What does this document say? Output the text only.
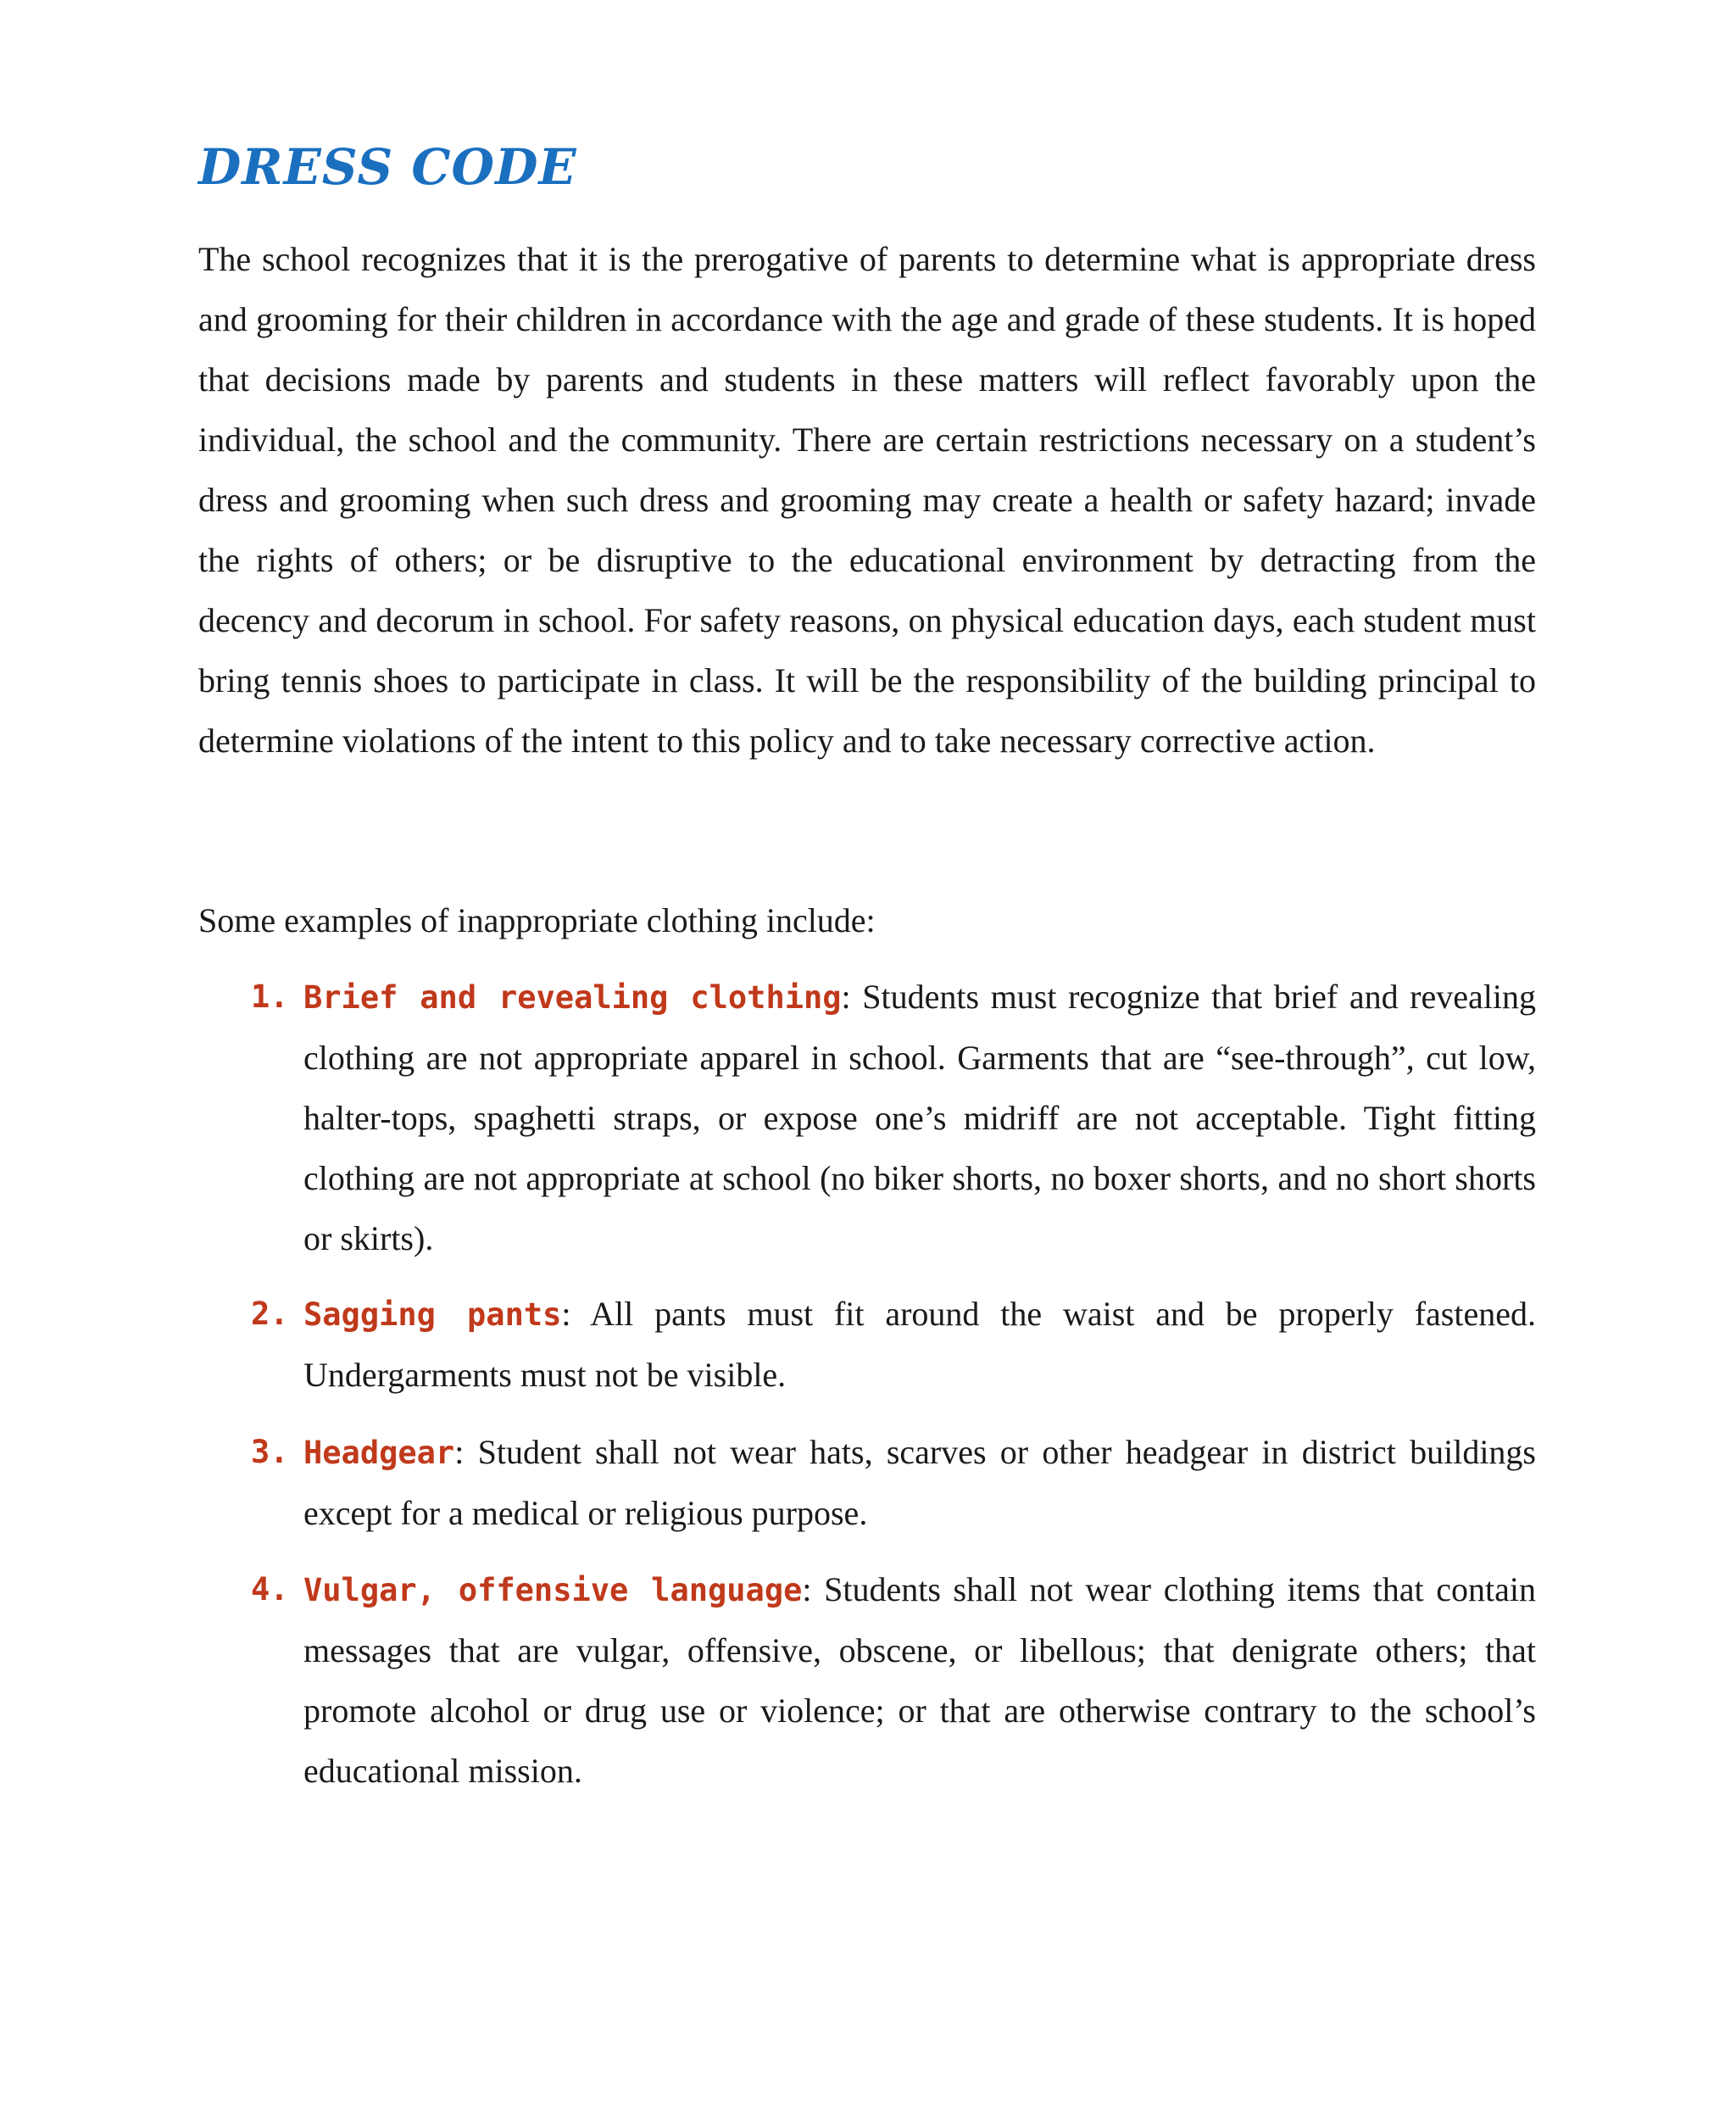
DRESS CODE

The school recognizes that it is the prerogative of parents to determine what is appropriate dress and grooming for their children in accordance with the age and grade of these students. It is hoped that decisions made by parents and students in these matters will reflect favorably upon the individual, the school and the community. There are certain restrictions necessary on a student’s dress and grooming when such dress and grooming may create a health or safety hazard; invade the rights of others; or be disruptive to the educational environment by detracting from the decency and decorum in school. For safety reasons, on physical education days, each student must bring tennis shoes to participate in class. It will be the responsibility of the building principal to determine violations of the intent to this policy and to take necessary corrective action.

Some examples of inappropriate clothing include:

1. Brief and revealing clothing: Students must recognize that brief and revealing clothing are not appropriate apparel in school. Garments that are “see-through”, cut low, halter-tops, spaghetti straps, or expose one’s midriff are not acceptable. Tight fitting clothing are not appropriate at school (no biker shorts, no boxer shorts, and no short shorts or skirts).

2. Sagging pants: All pants must fit around the waist and be properly fastened. Undergarments must not be visible.

3. Headgear: Student shall not wear hats, scarves or other headgear in district buildings except for a medical or religious purpose.

4. Vulgar, offensive language: Students shall not wear clothing items that contain messages that are vulgar, offensive, obscene, or libellous; that denigrate others; that promote alcohol or drug use or violence; or that are otherwise contrary to the school’s educational mission.
